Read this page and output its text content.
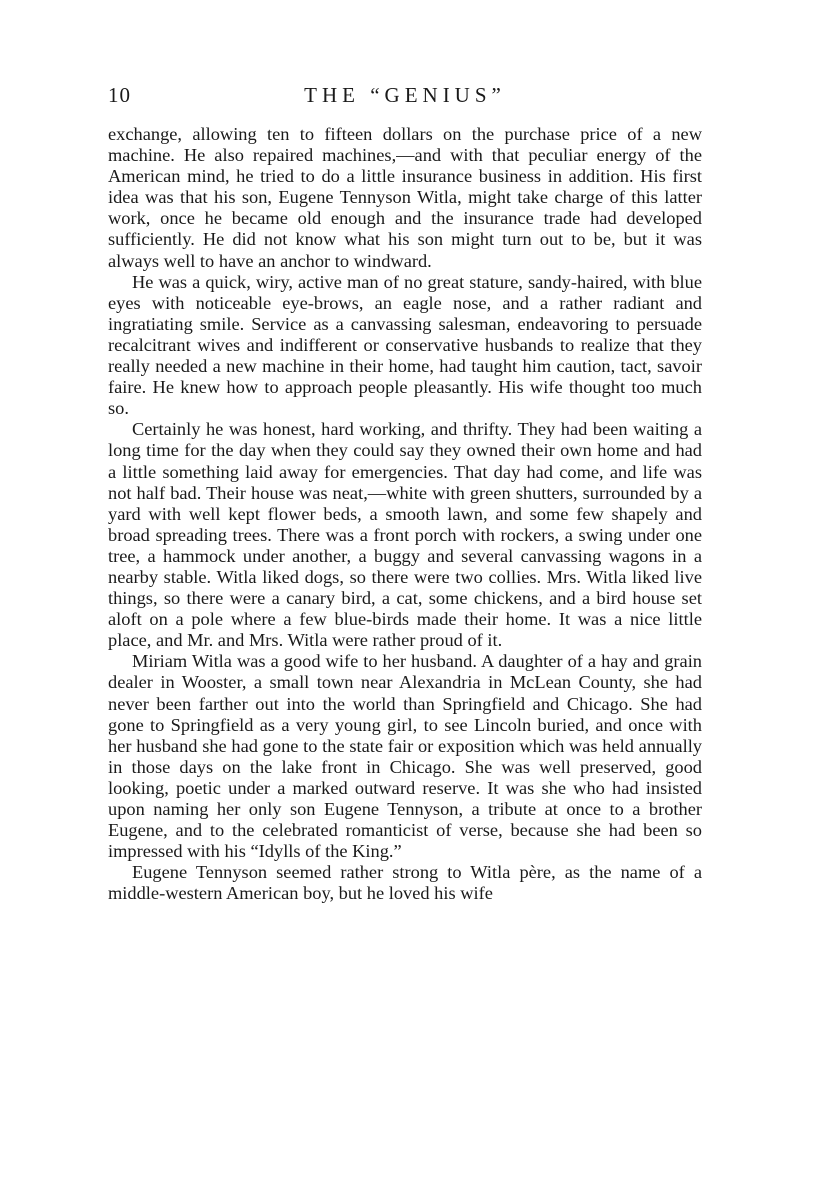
10	THE “GENIUS”

exchange, allowing ten to fifteen dollars on the purchase price of a new machine. He also repaired machines,—and with that peculiar energy of the American mind, he tried to do a little insurance business in addition. His first idea was that his son, Eugene Tennyson Witla, might take charge of this latter work, once he became old enough and the insurance trade had developed sufficiently. He did not know what his son might turn out to be, but it was always well to have an anchor to windward.

He was a quick, wiry, active man of no great stature, sandy-haired, with blue eyes with noticeable eye-brows, an eagle nose, and a rather radiant and ingratiating smile. Service as a canvassing salesman, endeavoring to persuade recalcitrant wives and indifferent or conservative husbands to realize that they really needed a new machine in their home, had taught him caution, tact, savoir faire. He knew how to approach people pleasantly. His wife thought too much so.

Certainly he was honest, hard working, and thrifty. They had been waiting a long time for the day when they could say they owned their own home and had a little something laid away for emergencies. That day had come, and life was not half bad. Their house was neat,—white with green shutters, surrounded by a yard with well kept flower beds, a smooth lawn, and some few shapely and broad spreading trees. There was a front porch with rockers, a swing under one tree, a hammock under another, a buggy and several canvassing wagons in a nearby stable. Witla liked dogs, so there were two collies. Mrs. Witla liked live things, so there were a canary bird, a cat, some chickens, and a bird house set aloft on a pole where a few blue-birds made their home. It was a nice little place, and Mr. and Mrs. Witla were rather proud of it.

Miriam Witla was a good wife to her husband. A daughter of a hay and grain dealer in Wooster, a small town near Alexandria in McLean County, she had never been farther out into the world than Springfield and Chicago. She had gone to Springfield as a very young girl, to see Lincoln buried, and once with her husband she had gone to the state fair or exposition which was held annually in those days on the lake front in Chicago. She was well preserved, good looking, poetic under a marked outward reserve. It was she who had insisted upon naming her only son Eugene Tennyson, a tribute at once to a brother Eugene, and to the celebrated romanticist of verse, because she had been so impressed with his “Idylls of the King.”

Eugene Tennyson seemed rather strong to Witla père, as the name of a middle-western American boy, but he loved his wife
